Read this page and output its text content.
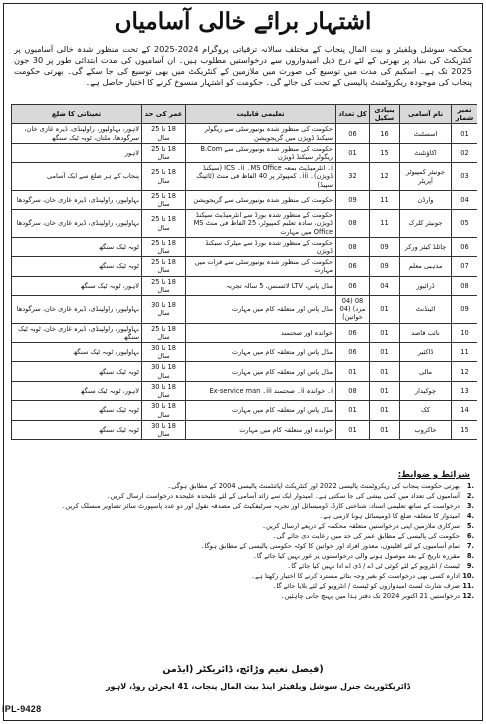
اشتہار برائے خالی آسامیاں
محکمہ سوشل ویلفیئر و بیت المال پنجاب کے مختلف سالانہ ترقیاتی پروگرام 2024-2025 کے تحت منظور شدہ خالی آسامیوں پر کنٹریکٹ کی بنیاد پر بھرتی کے لئے درج ذیل امیدواروں سے درخواستیں مطلوب ہیں۔ ان آسامیوں کی مدت ابتدائی طور پر 30 جون 2025 تک ہے۔ اسکیم کی مدت میں توسیع کی صورت میں ملازمین کے کنٹریکٹ میں بھی توسیع کی جا سکے گی۔ بھرتی حکومت پنجاب کی موجودہ ریکروٹمنٹ پالیسی کے تحت کی جائے گی۔ حکومت کو اشتہار منسوخ کرنے کا اختیار حاصل ہے۔
نمبر شمار	نام آسامی	بنیادی سکیل	کل تعداد	تعلیمی قابلیت	عمر کی حد	تعیناتی کا ضلع
01	اسسٹنٹ	16	06	حکومت کی منظور شدہ یونیورسٹی سے ریگولر سیکنڈ ڈویژن میں گریجویشن	18 تا 25 سال	لاہور، بہاولپور، راولپنڈی، ڈیرہ غازی خان، سرگودھا، ملتان، ٹوبہ ٹیک سنگھ
02	اکاؤنٹنٹ	15	01	حکومت کی منظور شدہ یونیورسٹی سے B.Com ریگولر سیکنڈ ڈویژن	18 تا 25 سال	لاہور
03	جونیئر کمپیوٹر آپریٹر	12	32	i۔ انٹرمیڈیٹ بمعہ MS Office۔ ii۔ ICS (سیکنڈ ڈویژن)۔ iii۔ کمپیوٹر پر 40 الفاظ فی منٹ (ٹائپنگ سپیڈ)	18 تا 25 سال	پنجاب کے ہر ضلع سے ایک آسامی
04	وارڈن	11	09	حکومت کی منظور شدہ یونیورسٹی سے گریجویشن	18 تا 25 سال	بہاولپور، راولپنڈی، ڈیرہ غازی خان، سرگودھا
05	جونیئر کلرک	11	08	حکومت کے منظور شدہ بورڈ سے انٹرمیڈیٹ سیکنڈ ڈویژن، سادہ تعلیم کمپیوٹر، 25 الفاظ فی منٹ MS Office میں مہارت	18 تا 25 سال	بہاولپور، راولپنڈی، ڈیرہ غازی خان، سرگودھا
06	چائلڈ کیئر ورکر	09	08	حکومت کے منظور شدہ بورڈ سے میٹرک سیکنڈ ڈویژن	18 تا 25 سال	ٹوبہ ٹیک سنگھ
07	مذہبی معلم	09	06	حکومت کی منظور شدہ یونیورسٹی سے قرات میں مہارت	18 تا 25 سال	ٹوبہ ٹیک سنگھ
08	ڈرائیور	04	06	مڈل پاس، LTV لائسنس، 5 سالہ تجربہ	18 تا 25 سال	لاہور، ٹوبہ ٹیک سنگھ
09	اٹینڈنٹ	01	08 (04 مرد) (04 خواتین)	مڈل پاس اور متعلقہ کام میں مہارت	18 تا 30 سال	بہاولپور، راولپنڈی، ڈیرہ غازی خان، سرگودھا
10	نائب قاصد	01	06	خواندہ اور صحتمند	18 تا 25 سال	بہاولپور، راولپنڈی، ڈیرہ غازی خان، ٹوبہ ٹیک سنگھ
11	ڈاکئیر	01	06	مڈل پاس اور متعلقہ کام میں مہارت	18 تا 30 سال	بہاولپور، ٹوبہ ٹیک سنگھ
12	مالی	01	01	مڈل پاس اور متعلقہ کام میں مہارت	18 تا 30 سال	ٹوبہ ٹیک سنگھ
13	چوکیدار	01	08	i۔ خواندہ ii۔ صحتمند iii۔ Ex-service man	18 تا 30 سال	لاہور، ٹوبہ ٹیک سنگھ
14	کک	01	01	مڈل پاس اور متعلقہ کام میں مہارت	18 تا 30 سال	ٹوبہ ٹیک سنگھ
15	خاکروب	01	01	خواندہ اور متعلقہ کام میں مہارت	18 تا 30 سال	ٹوبہ ٹیک سنگھ
شرائط و ضوابط:
1.
بھرتی حکومت پنجاب کی ریکروٹمنٹ پالیسی 2022 اور کنٹریکٹ اپائنٹمنٹ پالیسی 2004 کے مطابق ہوگی۔
2.
آسامیوں کی تعداد میں کمی بیشی کی جا سکتی ہے۔ امیدوار ایک سے زائد آسامی کے لئے علیحدہ علیحدہ درخواست ارسال کریں۔
3.
درخواست کے ساتھ تعلیمی اسناد، شناختی کارڈ، ڈومیسائل اور تجربہ سرٹیفکیٹ کی مصدقہ نقول اور دو عدد پاسپورٹ سائز تصاویر منسلک کریں۔
4.
امیدوار کا متعلقہ ضلع کا ڈومیسائل ہونا لازمی ہے۔
5.
سرکاری ملازمین اپنی درخواستیں متعلقہ محکمہ کے ذریعے ارسال کریں۔
6.
حکومت کی پالیسی کے مطابق عمر کی حد میں رعایت دی جائے گی۔
7.
تمام آسامیوں کے لئے اقلیتوں، معذور افراد اور خواتین کا کوٹہ حکومتی پالیسی کے مطابق ہوگا۔
8.
مقررہ تاریخ کے بعد موصول ہونے والی درخواستوں پر غور نہیں کیا جائے گا۔
9.
ٹیسٹ / انٹرویو کے لئے کوئی ٹی اے / ڈی اے ادا نہیں کیا جائے گا۔
10.
ادارہ کسی بھی درخواست کو بغیر وجہ بتائے مسترد کرنے کا اختیار رکھتا ہے۔
11.
صرف شارٹ لسٹ امیدواروں کو ٹیسٹ / انٹرویو کے لئے بلایا جائے گا۔
12.
درخواستیں 21 اکتوبر 2024 تک دفتر ہذا میں پہنچ جانی چاہئیں۔
(فیصل نعیم وڑائچ، ڈائریکٹر (ایڈمن
ڈائریکٹوریٹ جنرل سوشل ویلفیئر اینڈ بیت المال پنجاب، 41 ایجرٹن روڈ، لاہور
IPL-9428
